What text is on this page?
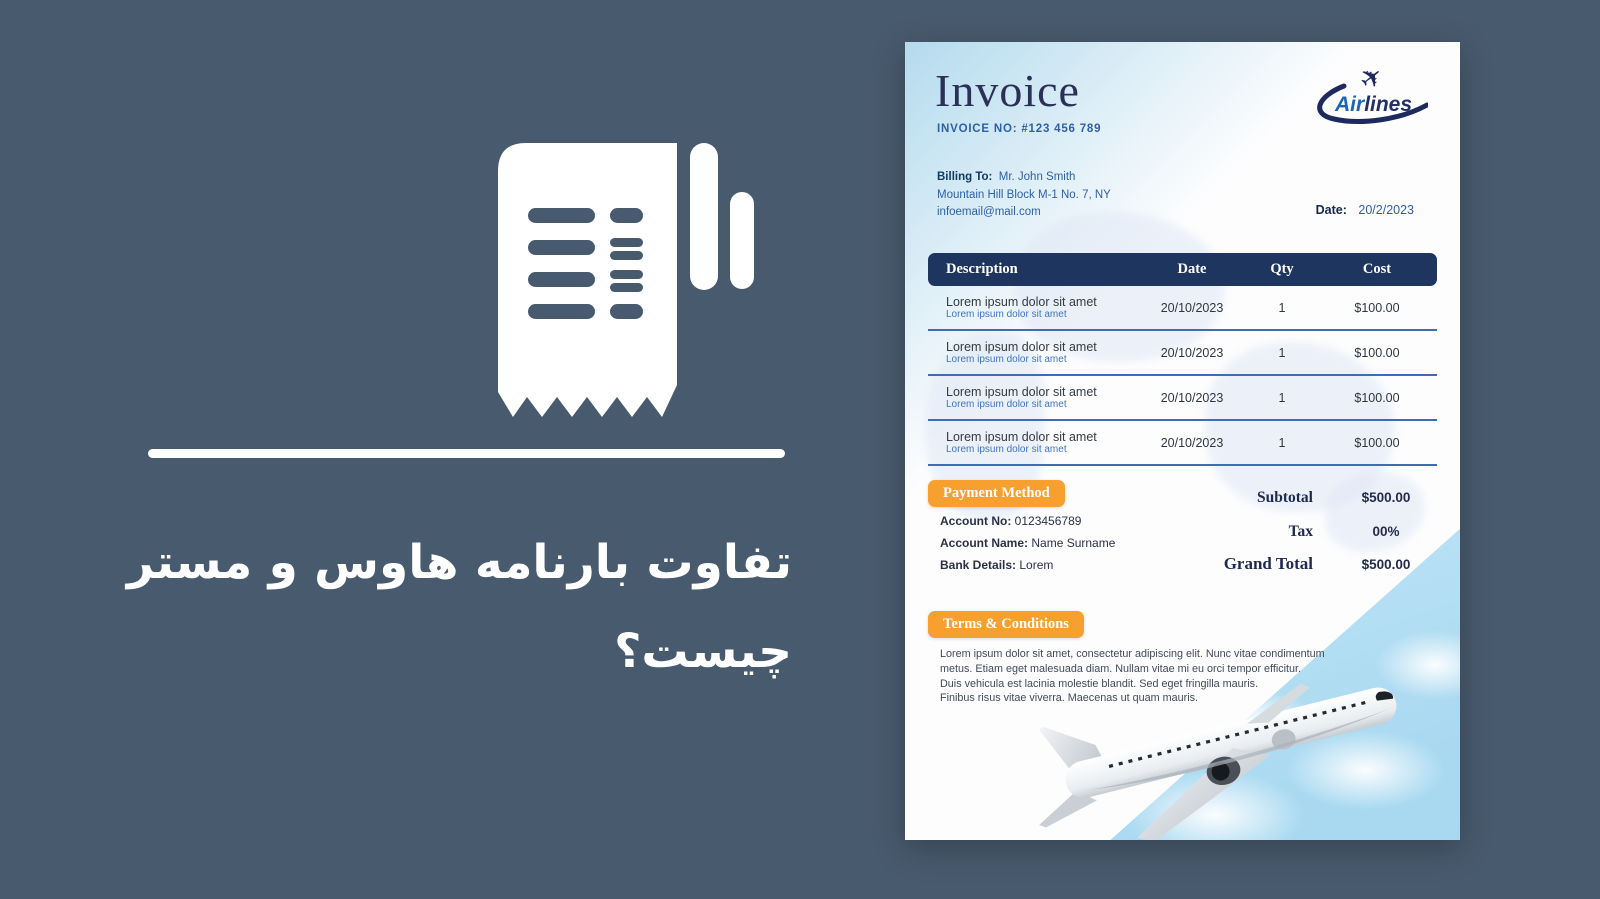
تفاوت بارنامه هاوس و مستر
چیست؟
Invoice
INVOICE NO: #123 456 789
✈
Airlines
Billing To: Mr. John Smith
Mountain Hill Block M-1 No. 7, NY
infoemail@mail.com	Date: 20/2/2023
Description	Date	Qty	Cost
Lorem ipsum dolor sit amet
Lorem ipsum dolor sit amet	20/10/2023	1	$100.00
Lorem ipsum dolor sit amet
Lorem ipsum dolor sit amet	20/10/2023	1	$100.00
Lorem ipsum dolor sit amet
Lorem ipsum dolor sit amet	20/10/2023	1	$100.00
Lorem ipsum dolor sit amet
Lorem ipsum dolor sit amet	20/10/2023	1	$100.00
Payment Method
Account No: 0123456789
Account Name: Name Surname
Bank Details: Lorem
Subtotal	$500.00
Tax	00%
Grand Total	$500.00
Terms & Conditions
Lorem ipsum dolor sit amet, consectetur adipiscing elit. Nunc vitae condimentum
metus. Etiam eget malesuada diam. Nullam vitae mi eu orci tempor efficitur.
Duis vehicula est lacinia molestie blandit. Sed eget fringilla mauris.
Finibus risus vitae viverra. Maecenas ut quam mauris.
